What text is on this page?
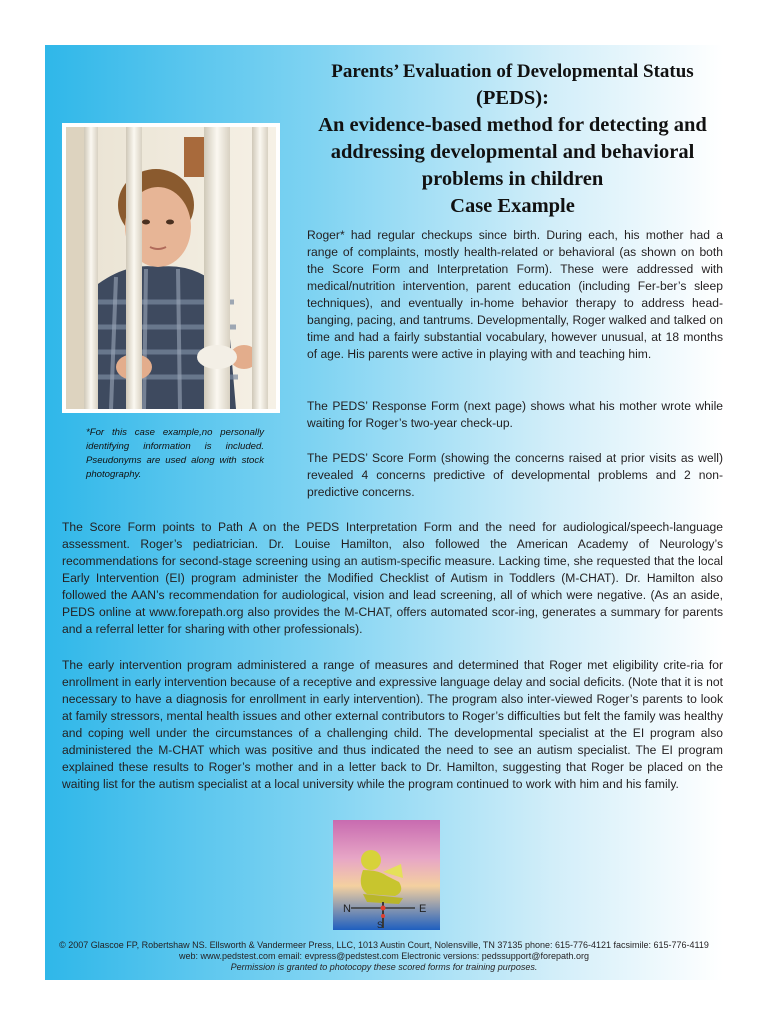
Parents’ Evaluation of Developmental Status
(PEDS):
An evidence-based method for detecting and
addressing developmental and behavioral
problems in children
Case Example
*For this case example,no personally identifying information is included. Pseudonyms are used along with stock photography.

Roger* had regular checkups since birth. During each, his mother had a range of complaints, mostly health-related or behavioral (as shown on both the Score Form and Interpretation Form). These were addressed with medical/nutrition intervention, parent education (including Fer-ber’s sleep techniques), and eventually in-home behavior therapy to address head-banging, pacing, and tantrums. Developmentally, Roger walked and talked on time and had a fairly substantial vocabulary, however unusual, at 18 months of age. His parents were active in playing with and teaching him.

The PEDS’ Response Form (next page) shows what his mother wrote while waiting for Roger’s two-year check-up.

The PEDS’ Score Form (showing the concerns raised at prior visits as well) revealed 4 concerns predictive of developmental problems and 2 non-predictive concerns.

The Score Form points to Path A on the PEDS Interpretation Form and the need for audiological/speech-language assessment. Roger’s pediatrician. Dr. Louise Hamilton, also followed the American Academy of Neurology’s recommendations for second-stage screening using an autism-specific measure. Lacking time, she requested that the local Early Intervention (EI) program administer the Modified Checklist of Autism in Toddlers (M-CHAT). Dr. Hamilton also followed the AAN’s recommendation for audiological, vision and lead screening, all of which were negative. (As an aside, PEDS online at www.forepath.org also provides the M-CHAT, offers automated scor-ing, generates a summary for parents and a referral letter for sharing with other professionals).

The early intervention program administered a range of measures and determined that Roger met eligibility crite-ria for enrollment in early intervention because of a receptive and expressive language delay and social deficits. (Note that it is not necessary to have a diagnosis for enrollment in early intervention). The program also inter-viewed Roger’s parents to look at family stressors, mental health issues and other external contributors to Roger’s difficulties but felt the family was healthy and coping well under the circumstances of a challenging child. The developmental specialist at the EI program also administered the M-CHAT which was positive and thus indicated the need to see an autism specialist. The EI program explained these results to Roger’s mother and in a letter back to Dr. Hamilton, suggesting that Roger be placed on the waiting list for the autism specialist at a local university while the program continued to work with him and his family.

N
S
E
© 2007 Glascoe FP, Robertshaw NS. Ellsworth & Vandermeer Press, LLC, 1013 Austin Court, Nolensville, TN 37135 phone: 615-776-4121 facsimile: 615-776-4119
web: www.pedstest.com email: evpress@pedstest.com Electronic versions: pedssupport@forepath.org
Permission is granted to photocopy these scored forms for training purposes.
